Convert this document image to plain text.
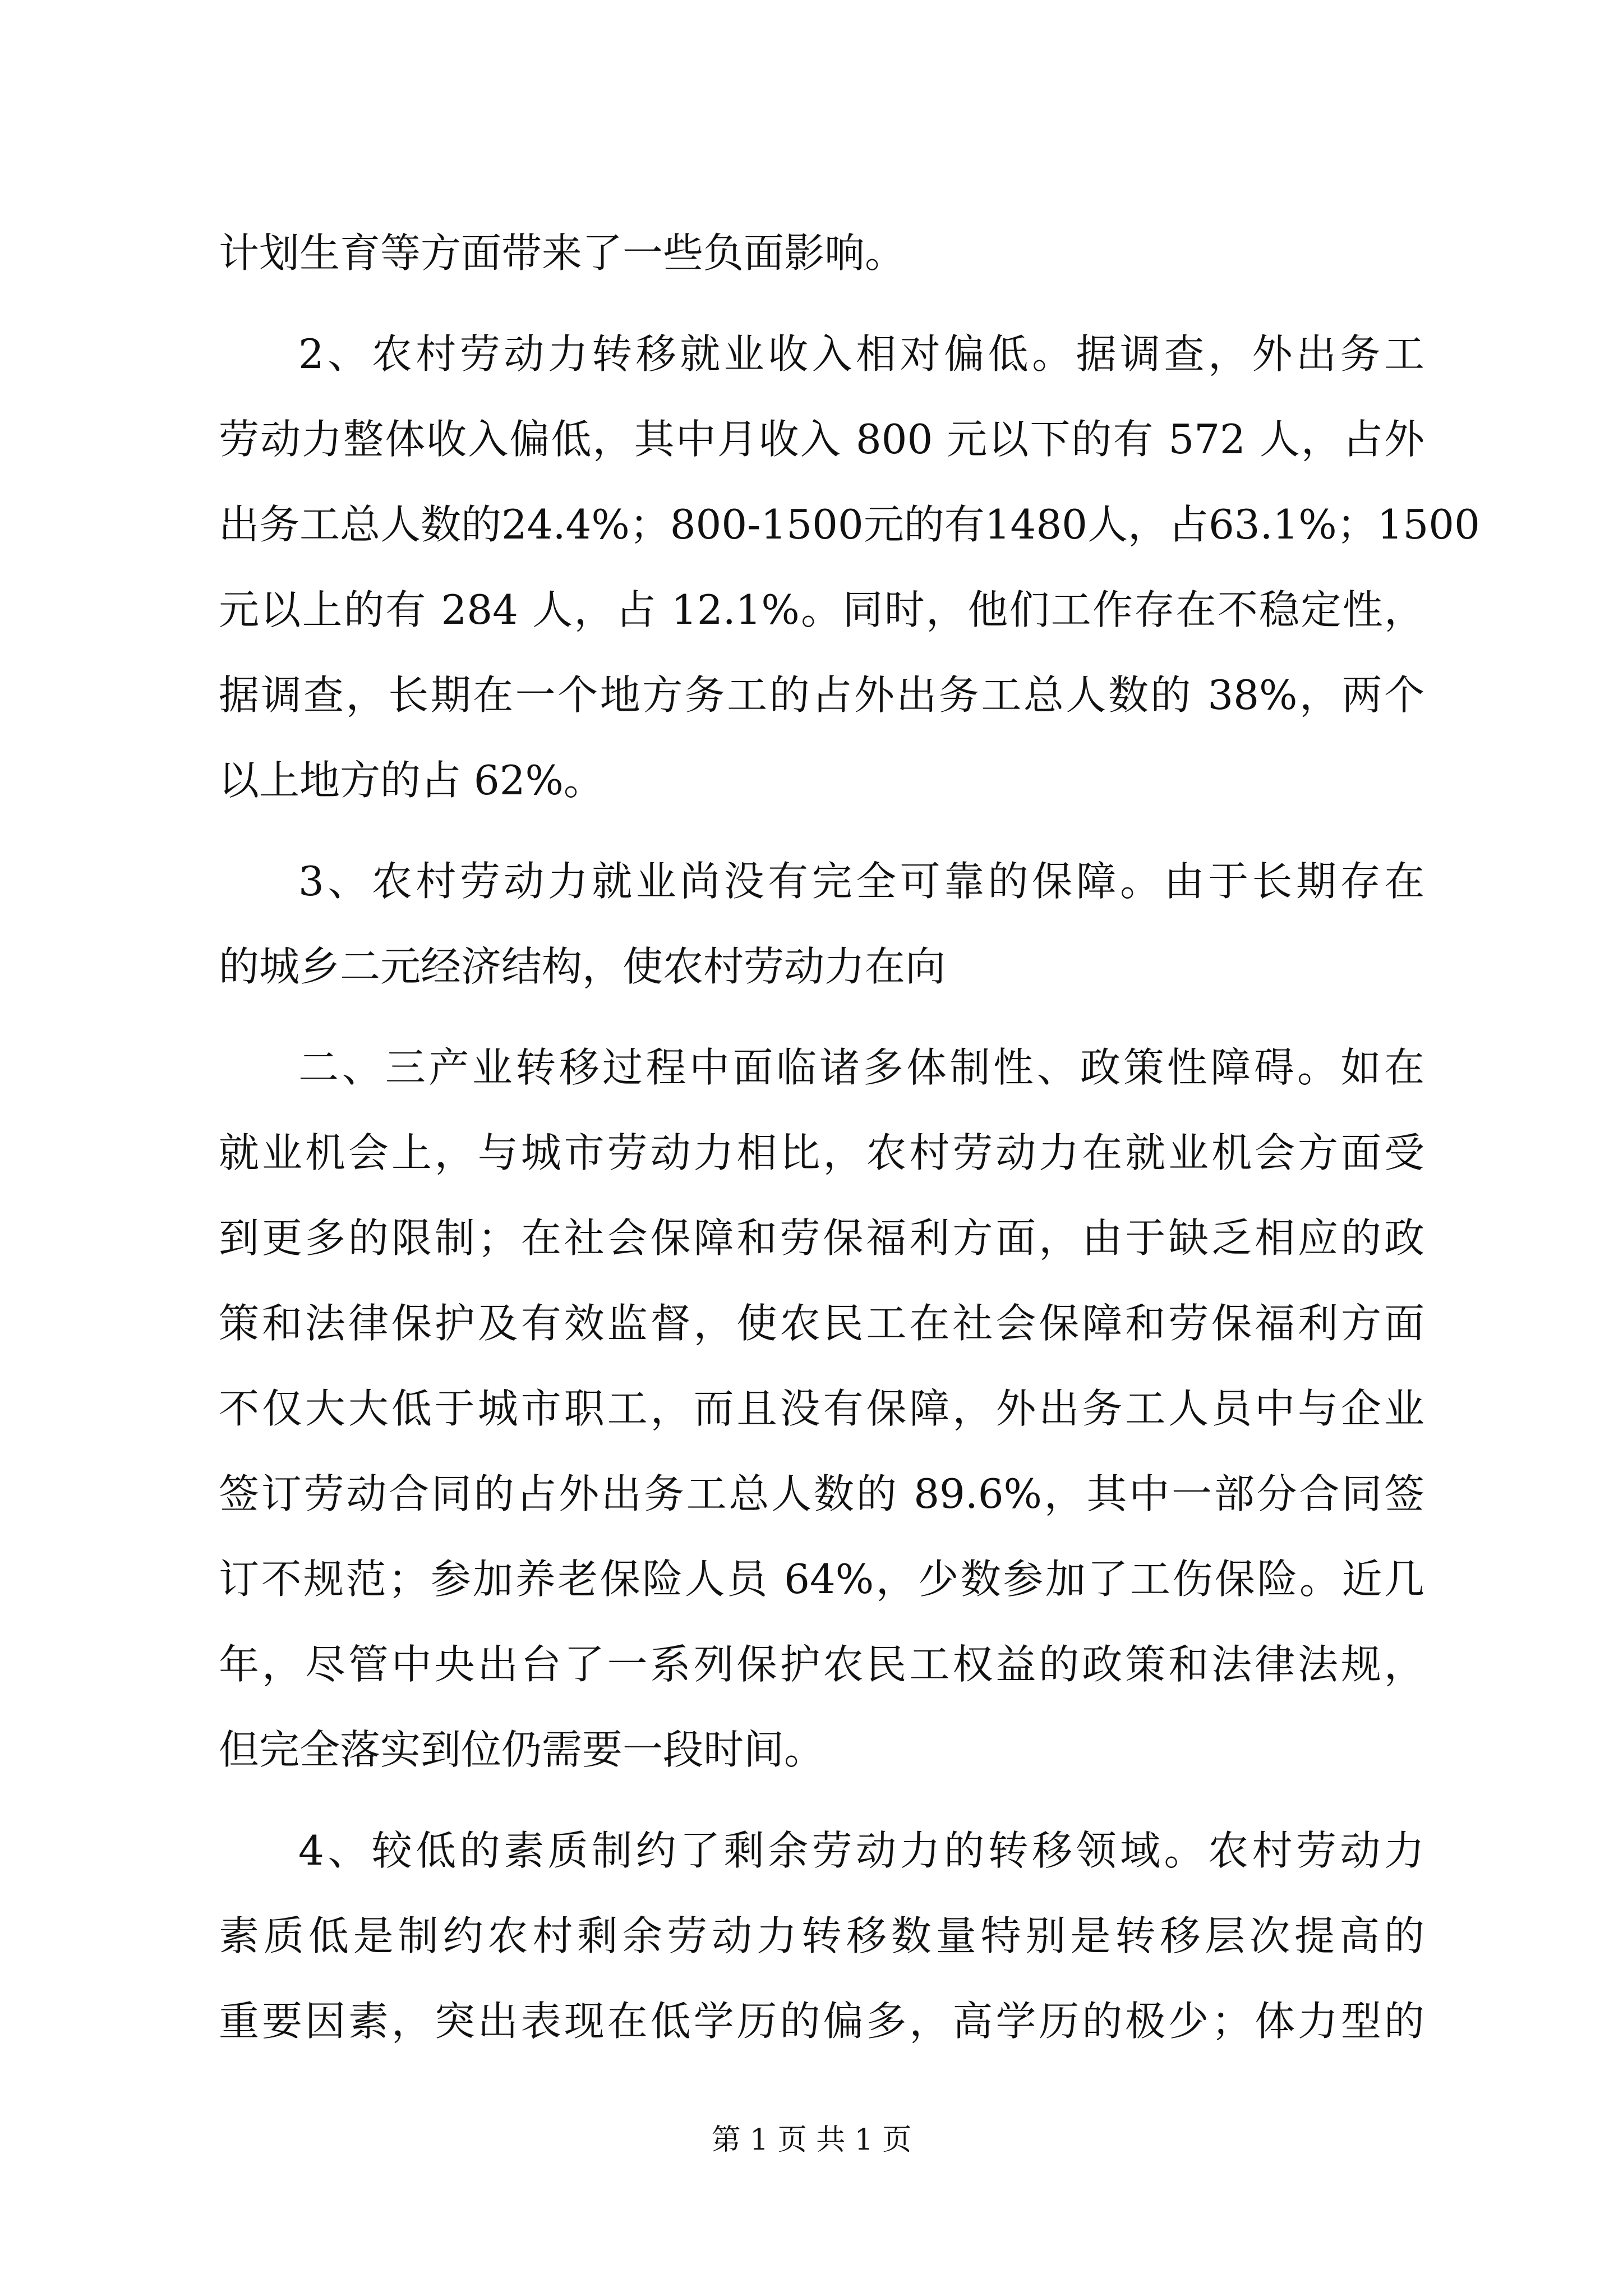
计划生育等方面带来了一些负面影响。
2、农村劳动力转移就业收入相对偏低。据调查，外出务工
劳动力整体收入偏低，其中月收入 800 元以下的有 572 人，占外
出务工总人数的24.4%；800-1500元的有1480人，占63.1%；1500
元以上的有 284 人，占 12.1%。同时，他们工作存在不稳定性，
据调查，长期在一个地方务工的占外出务工总人数的 38%，两个
以上地方的占 62%。
3、农村劳动力就业尚没有完全可靠的保障。由于长期存在
的城乡二元经济结构，使农村劳动力在向
二、三产业转移过程中面临诸多体制性、政策性障碍。如在
就业机会上，与城市劳动力相比，农村劳动力在就业机会方面受
到更多的限制；在社会保障和劳保福利方面，由于缺乏相应的政
策和法律保护及有效监督，使农民工在社会保障和劳保福利方面
不仅大大低于城市职工，而且没有保障，外出务工人员中与企业
签订劳动合同的占外出务工总人数的 89.6%，其中一部分合同签
订不规范；参加养老保险人员 64%，少数参加了工伤保险。近几
年，尽管中央出台了一系列保护农民工权益的政策和法律法规，
但完全落实到位仍需要一段时间。
4、较低的素质制约了剩余劳动力的转移领域。农村劳动力
素质低是制约农村剩余劳动力转移数量特别是转移层次提高的
重要因素，突出表现在低学历的偏多，高学历的极少；体力型的
第 1 页 共 1 页
